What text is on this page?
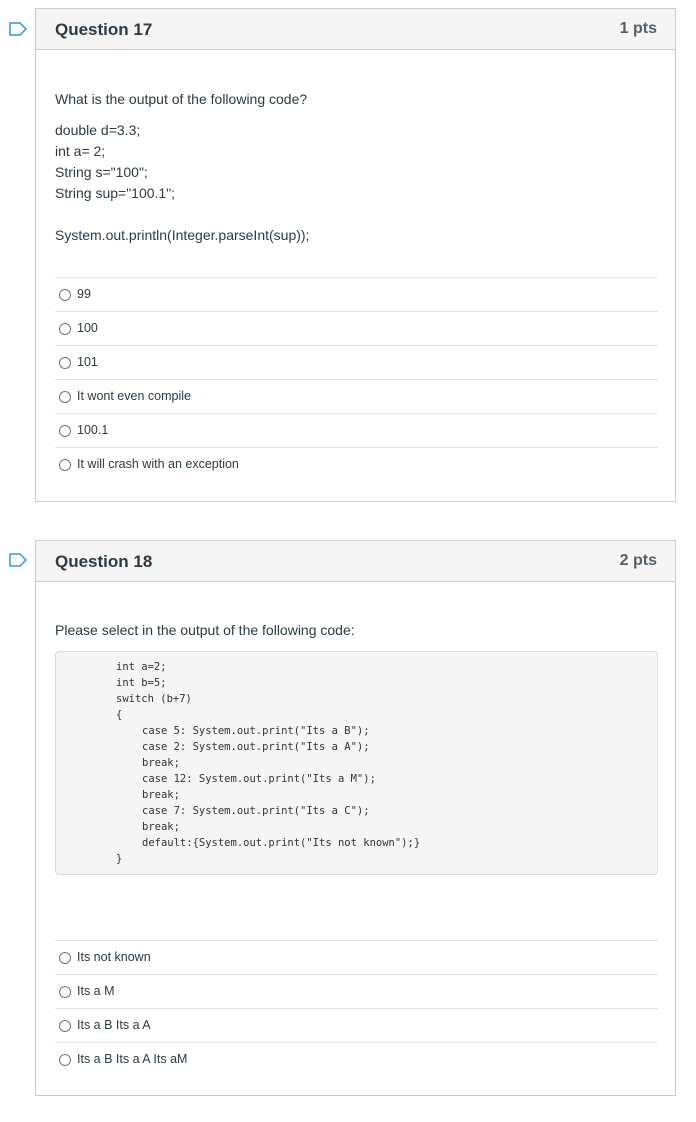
Question 17	1 pts
What is the output of the following code?
double d=3.3;
int a= 2;
String s="100";
String sup="100.1";
System.out.println(Integer.parseInt(sup));
99
100
101
It wont even compile
100.1
It will crash with an exception
Question 18	2 pts
Please select in the output of the following code:
int a=2;
int b=5;
switch (b+7)
{
case 5: System.out.print("Its a B");
case 2: System.out.print("Its a A");
break;
case 12: System.out.print("Its a M");
break;
case 7: System.out.print("Its a C");
break;
default:{System.out.print("Its not known");}
}
Its not known
Its a M
Its a B Its a A
Its a B Its a A Its aM
